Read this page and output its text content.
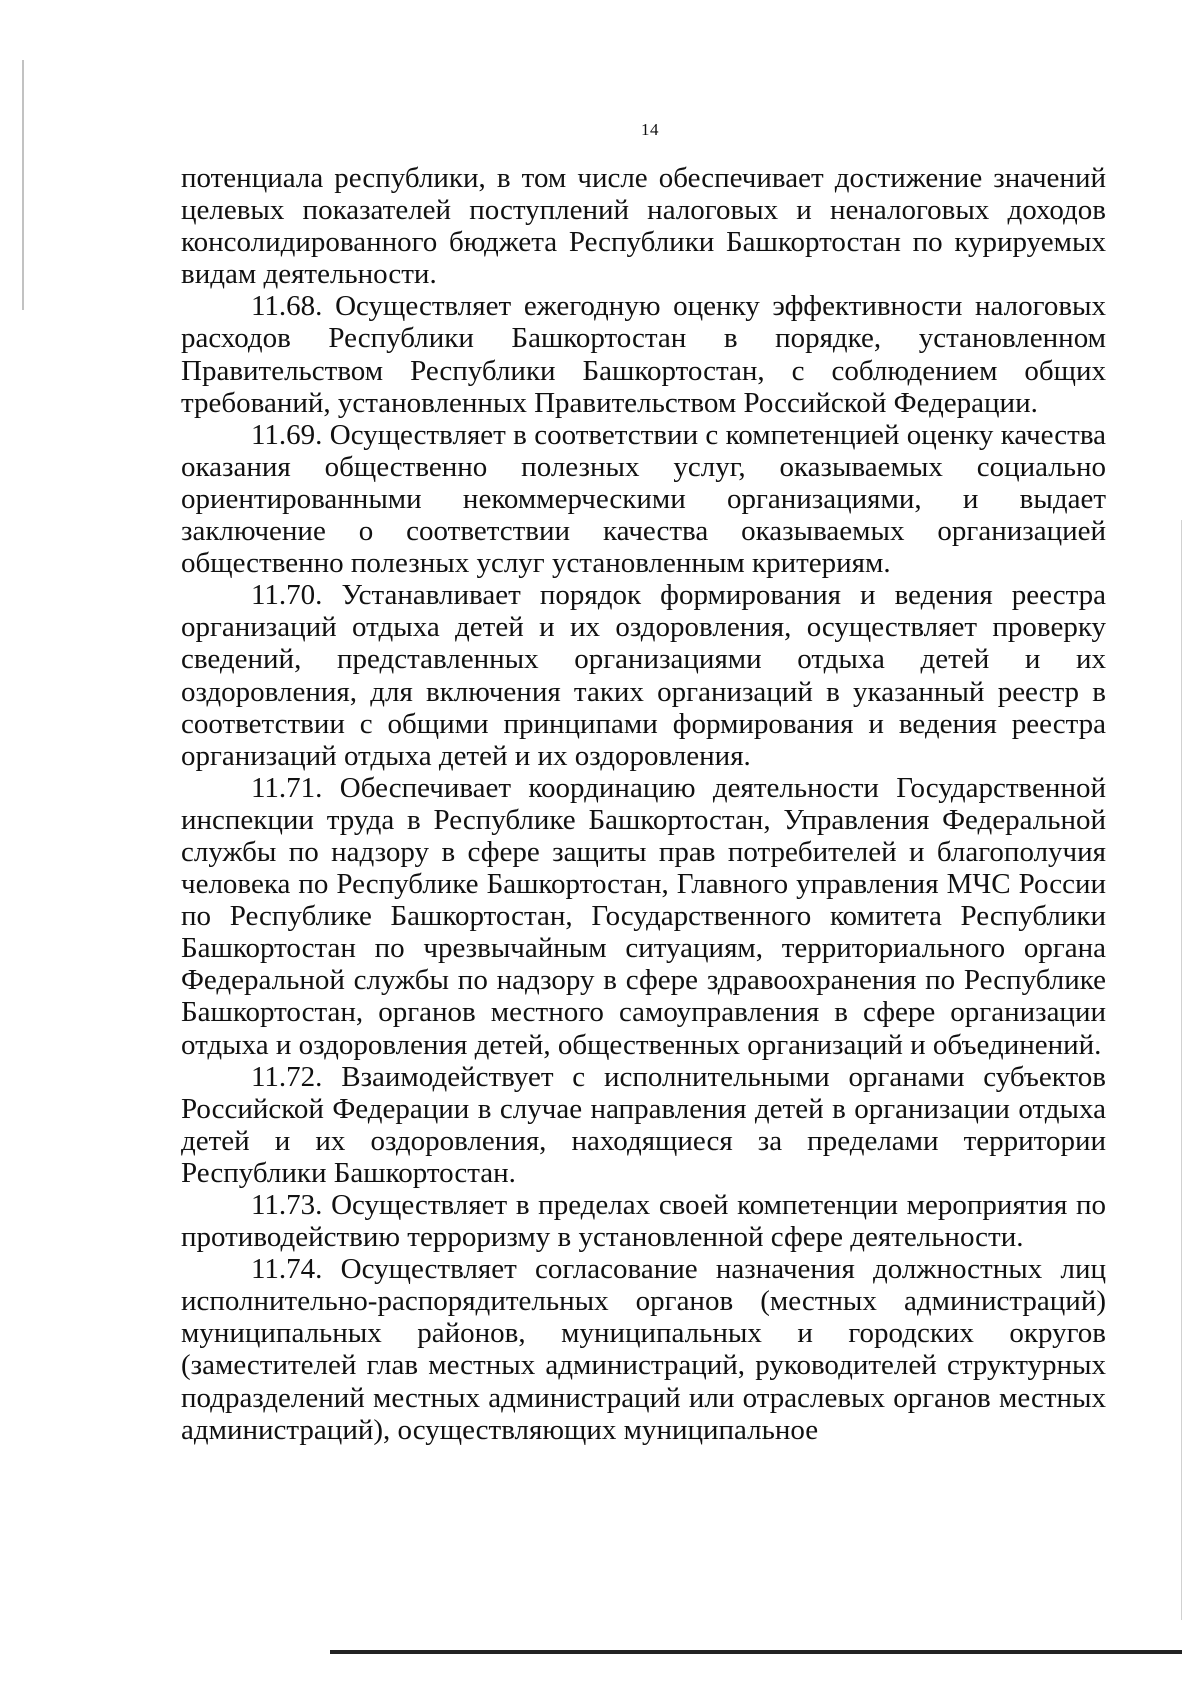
14

потенциала республики, в том числе обеспечивает достижение значений целевых показателей поступлений налоговых и неналоговых доходов консолидированного бюджета Республики Башкортостан по курируемых видам деятельности.

11.68. Осуществляет ежегодную оценку эффективности налоговых расходов Республики Башкортостан в порядке, установленном Правительством Республики Башкортостан, с соблюдением общих требований, установленных Правительством Российской Федерации.

11.69. Осуществляет в соответствии с компетенцией оценку качества оказания общественно полезных услуг, оказываемых социально ориентированными некоммерческими организациями, и выдает заключение о соответствии качества оказываемых организацией общественно полезных услуг установленным критериям.

11.70. Устанавливает порядок формирования и ведения реестра организаций отдыха детей и их оздоровления, осуществляет проверку сведений, представленных организациями отдыха детей и их оздоровления, для включения таких организаций в указанный реестр в соответствии с общими принципами формирования и ведения реестра организаций отдыха детей и их оздоровления.

11.71. Обеспечивает координацию деятельности Государственной инспекции труда в Республике Башкортостан, Управления Федеральной службы по надзору в сфере защиты прав потребителей и благополучия человека по Республике Башкортостан, Главного управления МЧС России по Республике Башкортостан, Государственного комитета Республики Башкортостан по чрезвычайным ситуациям, территориального органа Федеральной службы по надзору в сфере здравоохранения по Республике Башкортостан, органов местного самоуправления в сфере организации отдыха и оздоровления детей, общественных организаций и объединений.

11.72. Взаимодействует с исполнительными органами субъектов Российской Федерации в случае направления детей в организации отдыха детей и их оздоровления, находящиеся за пределами территории Республики Башкортостан.

11.73. Осуществляет в пределах своей компетенции мероприятия по противодействию терроризму в установленной сфере деятельности.

11.74. Осуществляет согласование назначения должностных лиц исполнительно-распорядительных органов (местных администраций) муниципальных районов, муниципальных и городских округов (заместителей глав местных администраций, руководителей структурных подразделений местных администраций или отраслевых органов местных администраций), осуществляющих муниципальное
